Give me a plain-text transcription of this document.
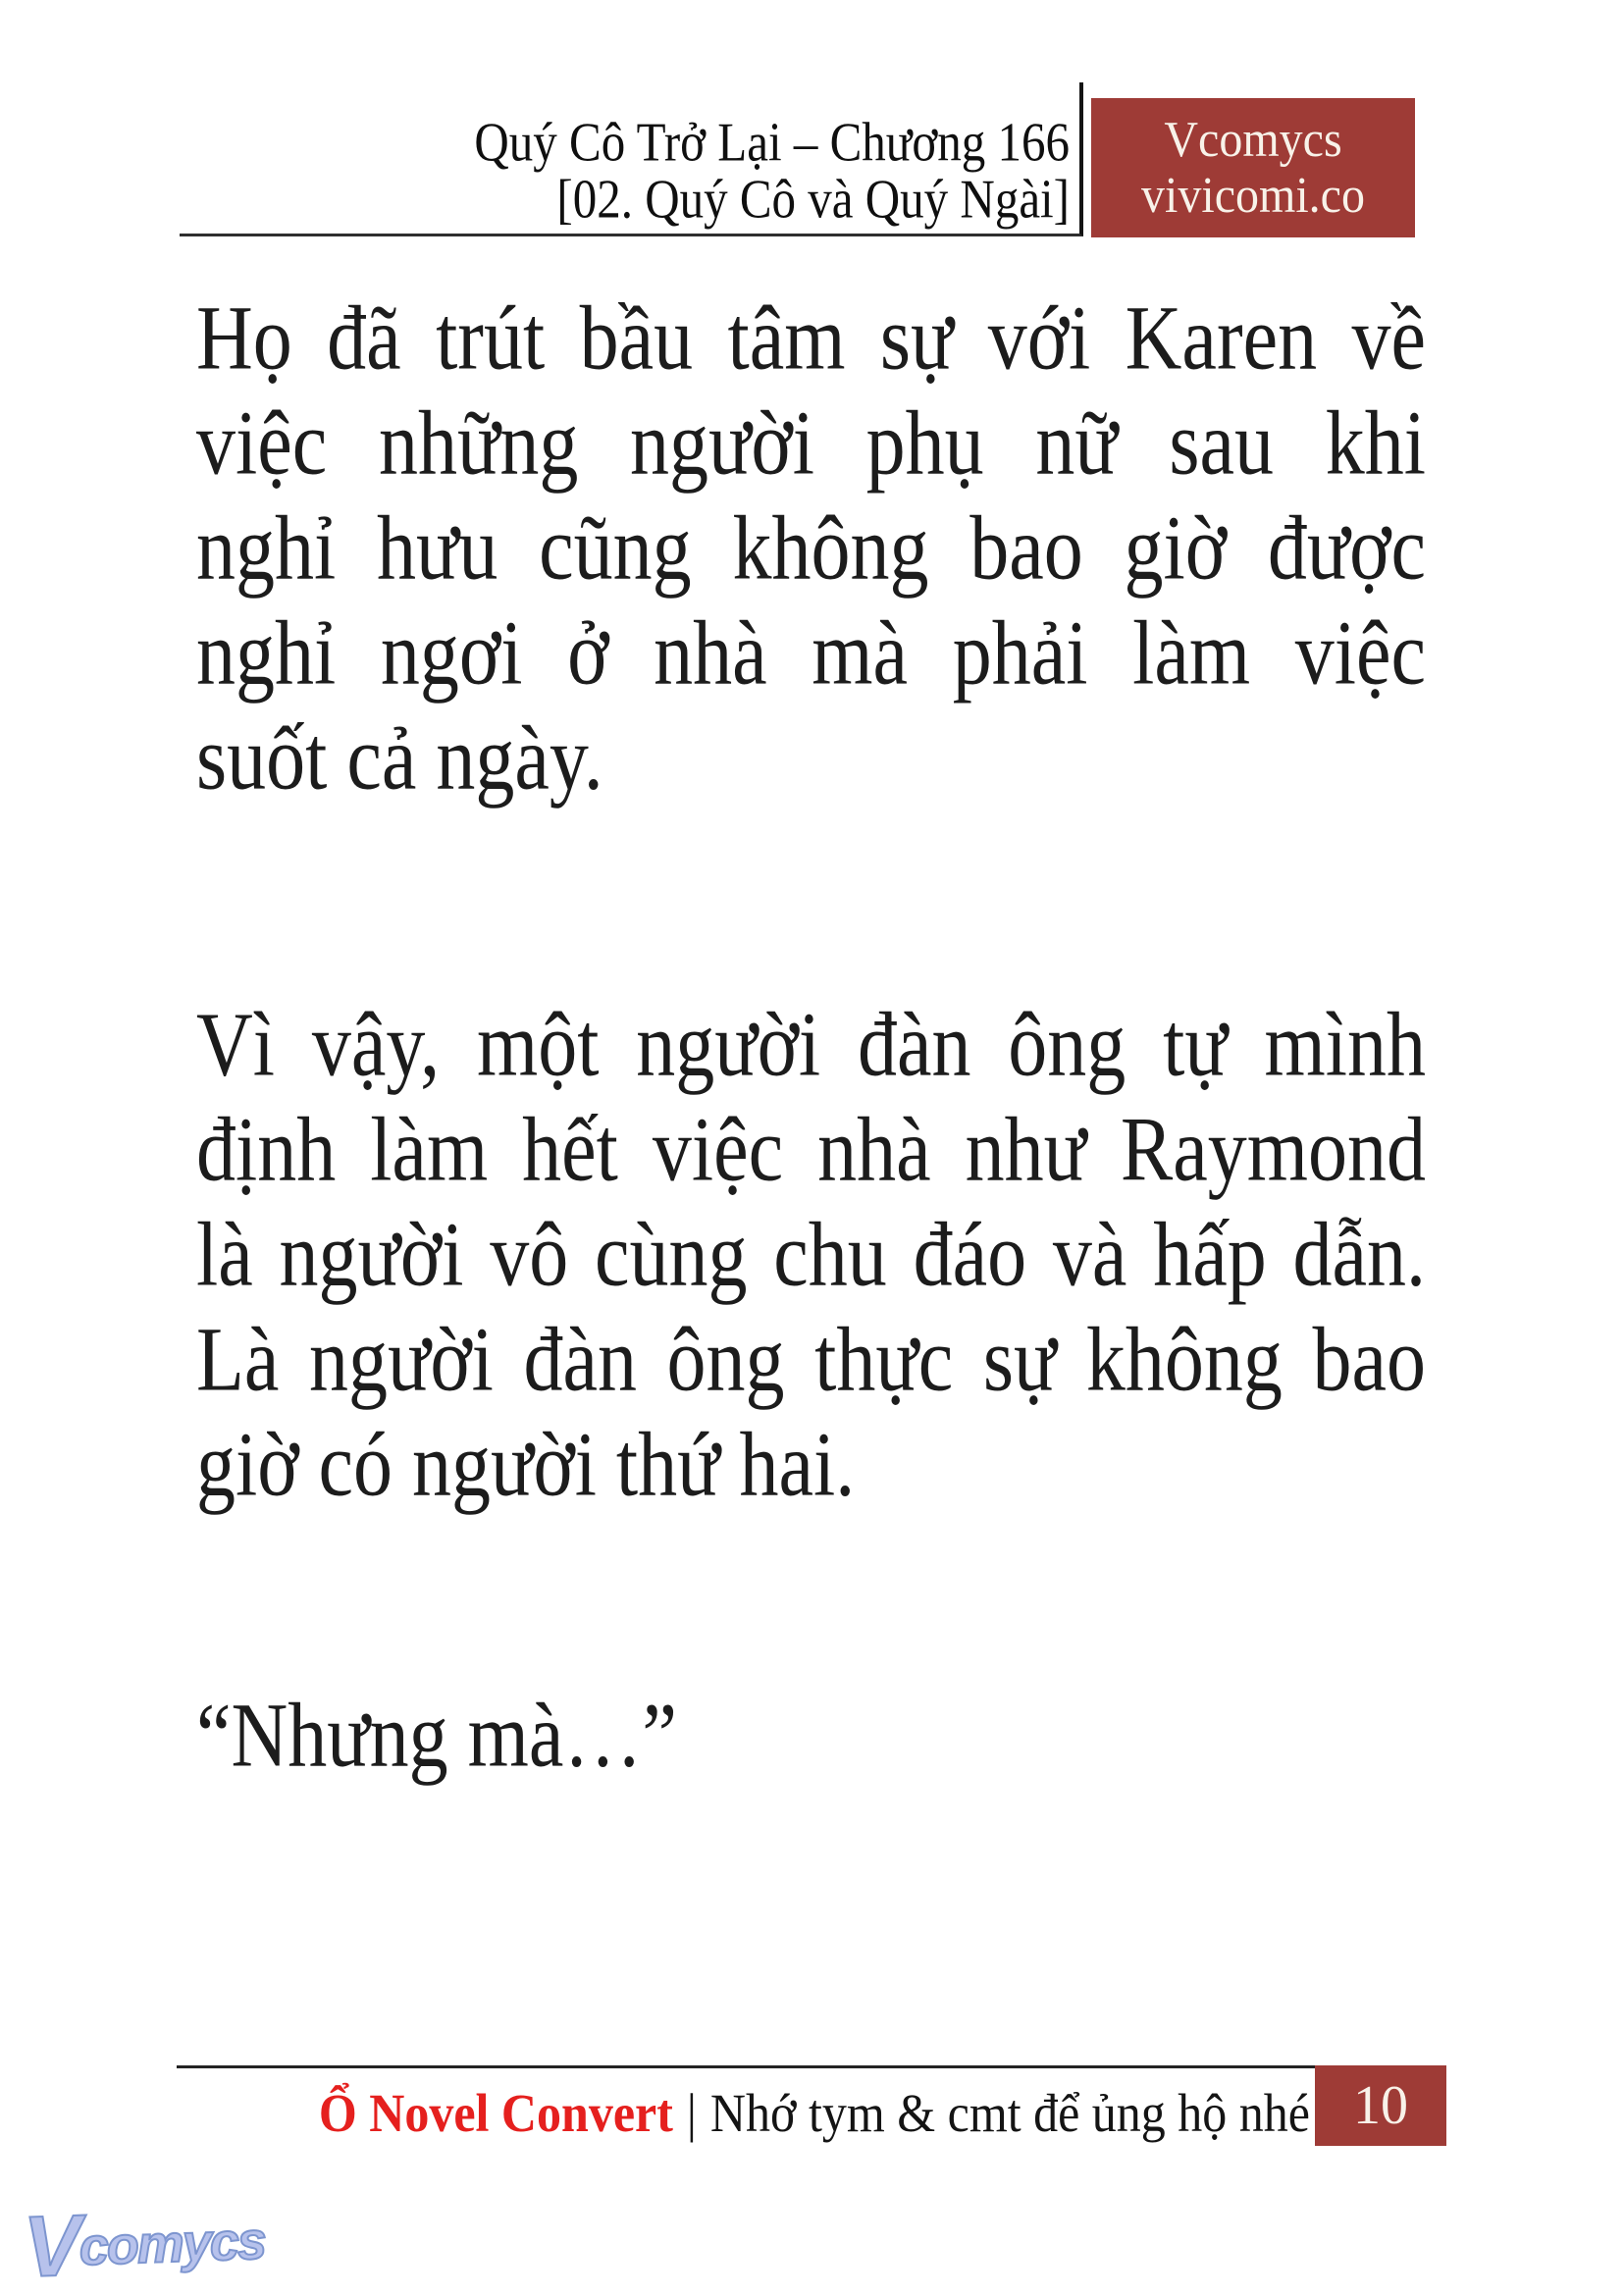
Quý Cô Trở Lại – Chương 166
[02. Quý Cô và Quý Ngài]
Vcomycs
vivicomi.co
Họ đã trút bầu tâm sự với Karen về
việc những người phụ nữ sau khi
nghỉ hưu cũng không bao giờ được
nghỉ ngơi ở nhà mà phải làm việc
suốt cả ngày.
Vì vậy, một người đàn ông tự mình
định làm hết việc nhà như Raymond
là người vô cùng chu đáo và hấp dẫn.
Là người đàn ông thực sự không bao
giờ có người thứ hai.
“Nhưng mà…”
Ổ Novel Convert | Nhớ tym & cmt để ủng hộ nhé 10
Vcomycs
